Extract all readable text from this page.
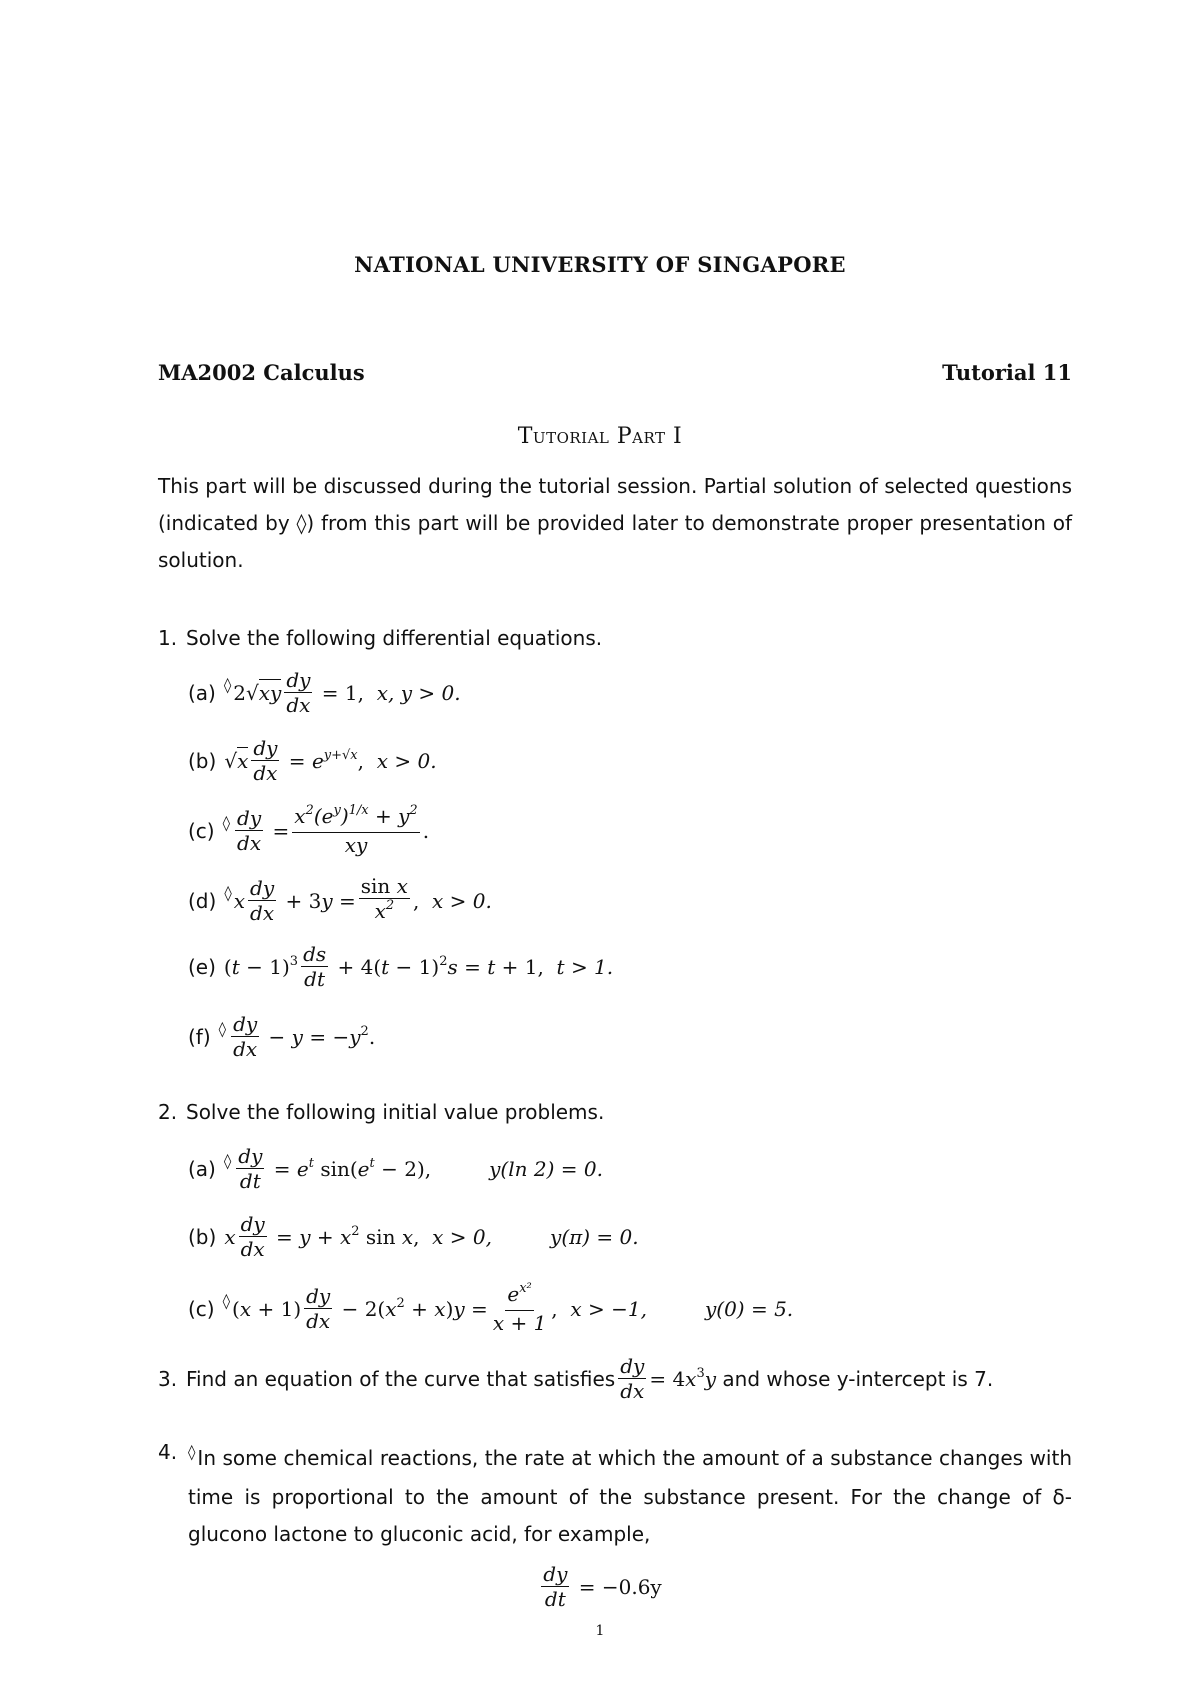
NATIONAL UNIVERSITY OF SINGAPORE
MA2002 Calculus	Tutorial 11
Tutorial Part I
This part will be discussed during the tutorial session. Partial solution of selected questions (indicated by ◊) from this part will be provided later to demonstrate proper presentation of solution.
1. Solve the following differential equations.
(a) ◊ $2√xy \frac{dy}{dx} = 1$, x, y > 0.
(b) $√x \frac{dy}{dx} = e^{y+√x}$, x > 0.
(c) ◊ $\frac{dy}{dx} = \frac{x^2(e^y)^{1/x} + y^2}{xy}$ .
(d) ◊ x $\frac{dy}{dx} + 3y = \frac{\text{sin x}}{x^2}$ , x > 0.
(e) $(t - 1)^3 \frac{ds}{dt} + 4(t - 1)^2s = t + 1$, t > 1.
(f) ◊ $\frac{dy}{dx} - y = -y^2$.
2. Solve the following initial value problems.
(a) ◊ $\frac{dy}{dt} = e^t$ $\sin(e^t - 2)$,	y(ln 2) = 0.
(b) x $\frac{dy}{dx} = y + x^2$ sin x, x > 0,	y(π) = 0.
(c) ◊ $(x + 1) \frac{dy}{dx} - 2(x^2 + x)y = \frac{e^{x^2}}{x + 1}$ , x > −1,	y(0) = 5.
3. Find an equation of the curve that satisfies $\frac{dy}{dx} = 4x^3y$ and whose y-intercept is 7.
4. ◊ In some chemical reactions, the rate at which the amount of a substance changes with time is proportional to the amount of the substance present. For the change of δ-glucono lactone to gluconic acid, for example,
$\frac{dy}{dt}$
= −0.6y
1
